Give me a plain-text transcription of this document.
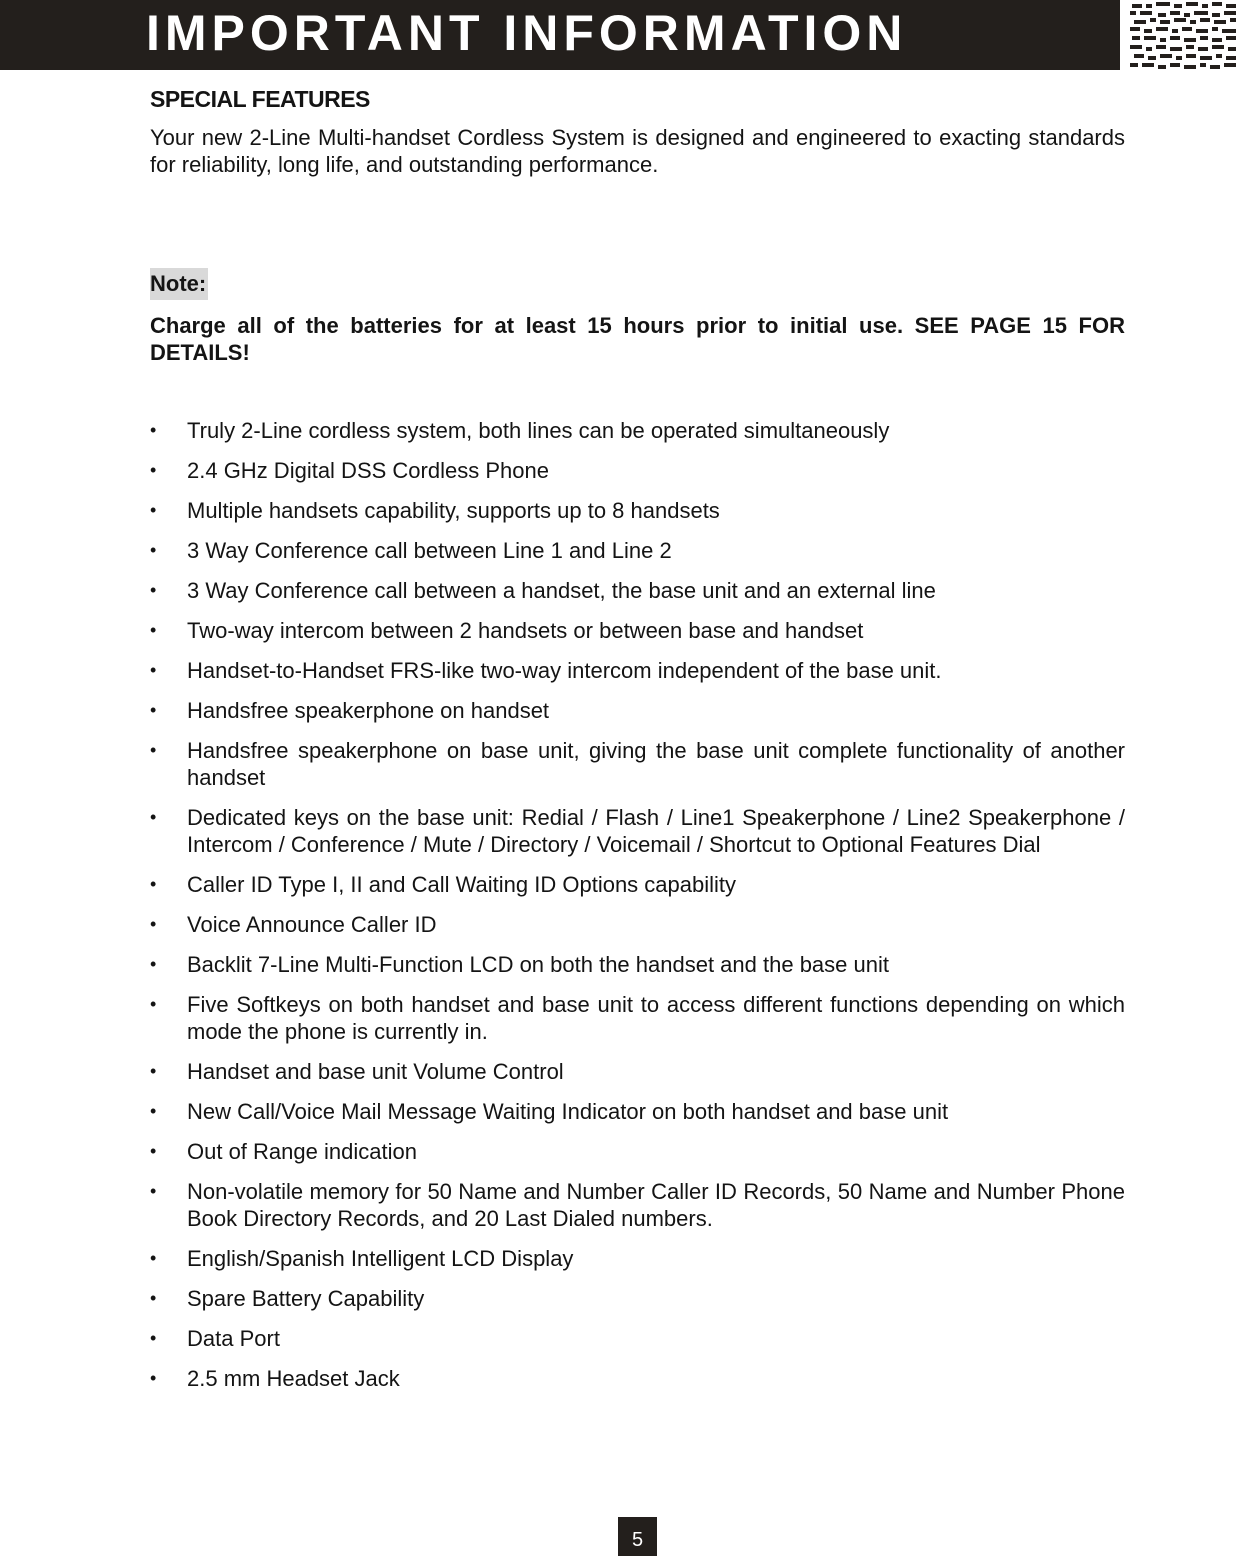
IMPORTANT INFORMATION
SPECIAL FEATURES

Your new 2-Line Multi-handset Cordless System is designed and engineered to exacting standards for reliability, long life, and outstanding performance.

Note:

Charge all of the batteries for at least 15 hours prior to initial use. SEE PAGE 15 FOR DETAILS!

• Truly 2-Line cordless system, both lines can be operated simultaneously
• 2.4 GHz Digital DSS Cordless Phone
• Multiple handsets capability, supports up to 8 handsets
• 3 Way Conference call between Line 1 and Line 2
• 3 Way Conference call between a handset, the base unit and an external line
• Two-way intercom between 2 handsets or between base and handset
• Handset-to-Handset FRS-like two-way intercom independent of the base unit.
• Handsfree speakerphone on handset
• Handsfree speakerphone on base unit, giving the base unit complete functionality of another handset
• Dedicated keys on the base unit: Redial / Flash / Line1 Speakerphone / Line2 Speakerphone / Intercom / Conference / Mute / Directory / Voicemail / Shortcut to Optional Features Dial
• Caller ID Type I, II and Call Waiting ID Options capability
• Voice Announce Caller ID
• Backlit 7-Line Multi-Function LCD on both the handset and the base unit
• Five Softkeys on both handset and base unit to access different functions depending on which mode the phone is currently in.
• Handset and base unit Volume Control
• New Call/Voice Mail Message Waiting Indicator on both handset and base unit
• Out of Range indication
• Non-volatile memory for 50 Name and Number Caller ID Records, 50 Name and Number Phone Book Directory Records, and 20 Last Dialed numbers.
• English/Spanish Intelligent LCD Display
• Spare Battery Capability
• Data Port
• 2.5 mm Headset Jack
5
